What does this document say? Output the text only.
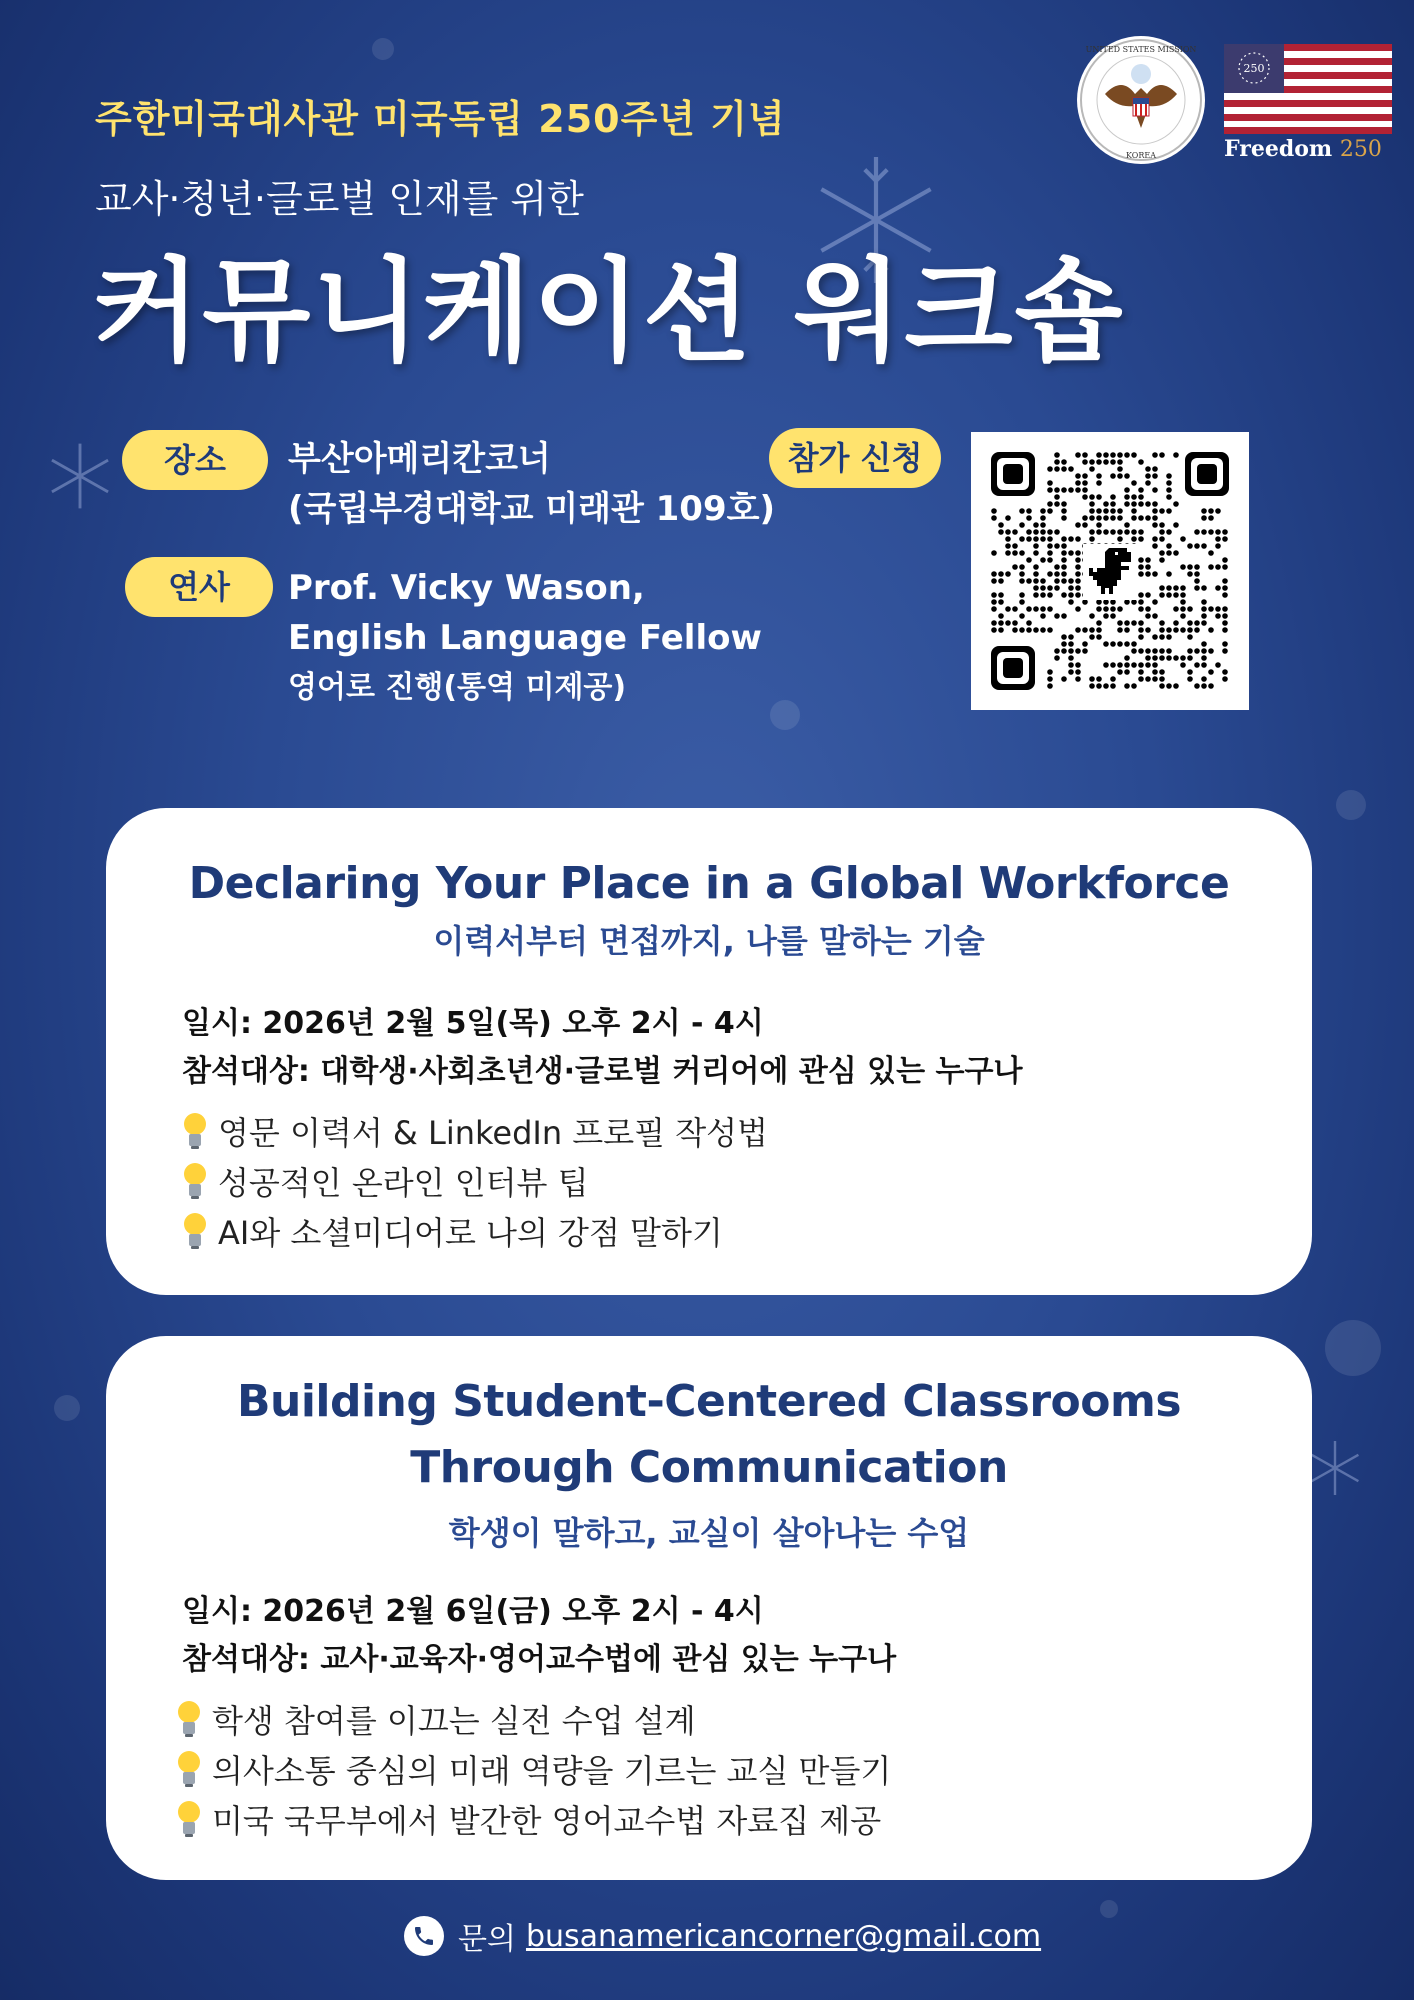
주한미국대사관 미국독립 250주년 기념
교사·청년·글로벌 인재를 위한
커뮤니케이션 워크숍
UNITED STATES MISSION
KOREA
250
Freedom 250
장소	부산아메리칸코너
(국립부경대학교 미래관 109호)
연사	Prof. Vicky Wason,
English Language Fellow
영어로 진행(통역 미제공)
참가 신청
Declaring Your Place in a Global Workforce
이력서부터 면접까지, 나를 말하는 기술
일시: 2026년 2월 5일(목) 오후 2시 - 4시
참석대상: 대학생·사회초년생·글로벌 커리어에 관심 있는 누구나
영문 이력서 & LinkedIn 프로필 작성법
성공적인 온라인 인터뷰 팁
AI와 소셜미디어로 나의 강점 말하기
Building Student-Centered Classrooms
Through Communication
학생이 말하고, 교실이 살아나는 수업
일시: 2026년 2월 6일(금) 오후 2시 - 4시
참석대상: 교사·교육자·영어교수법에 관심 있는 누구나
학생 참여를 이끄는 실전 수업 설계
의사소통 중심의 미래 역량을 기르는 교실 만들기
미국 국무부에서 발간한 영어교수법 자료집 제공
문의 busanamericancorner@gmail.com
